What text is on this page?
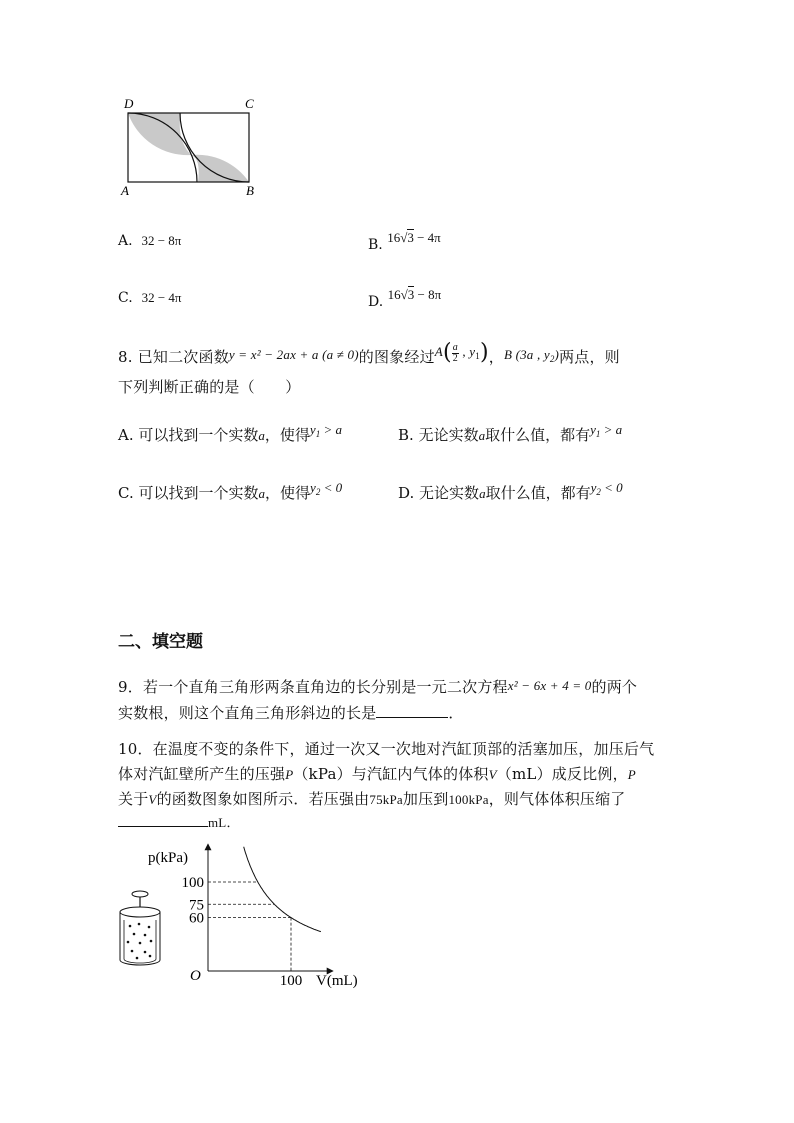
D	C
A	B
A. 32 − 8π	B. 16√3 − 4π
C. 32 − 4π	D. 16√3 − 8π
8. 已知二次函数y = x² − 2ax + a (a ≠ 0)的图象经过$A( \frac{a}{2}$ , $y_1$)，B (3a , $y_2$)两点，则
下列判断正确的是（　　）
A. 可以找到一个实数a，使得$y_1 > a$	B. 无论实数a取什么值，都有$y_1 > a$
C. 可以找到一个实数a，使得$y_2 < 0$	D. 无论实数a取什么值，都有$y_2 < 0$
二、填空题
9．若一个直角三角形两条直角边的长分别是一元二次方程x² − 6x + 4 = 0的两个
实数根，则这个直角三角形斜边的长是	．
10．在温度不变的条件下，通过一次又一次地对汽缸顶部的活塞加压，加压后气
体对汽缸壁所产生的压强P（kPa）与汽缸内气体的体积V（mL）成反比例，P
关于V的函数图象如图所示．若压强由75kPa加压到100kPa，则气体体积压缩了
mL．
p(kPa)
V(mL)
O
100
75
60
100
